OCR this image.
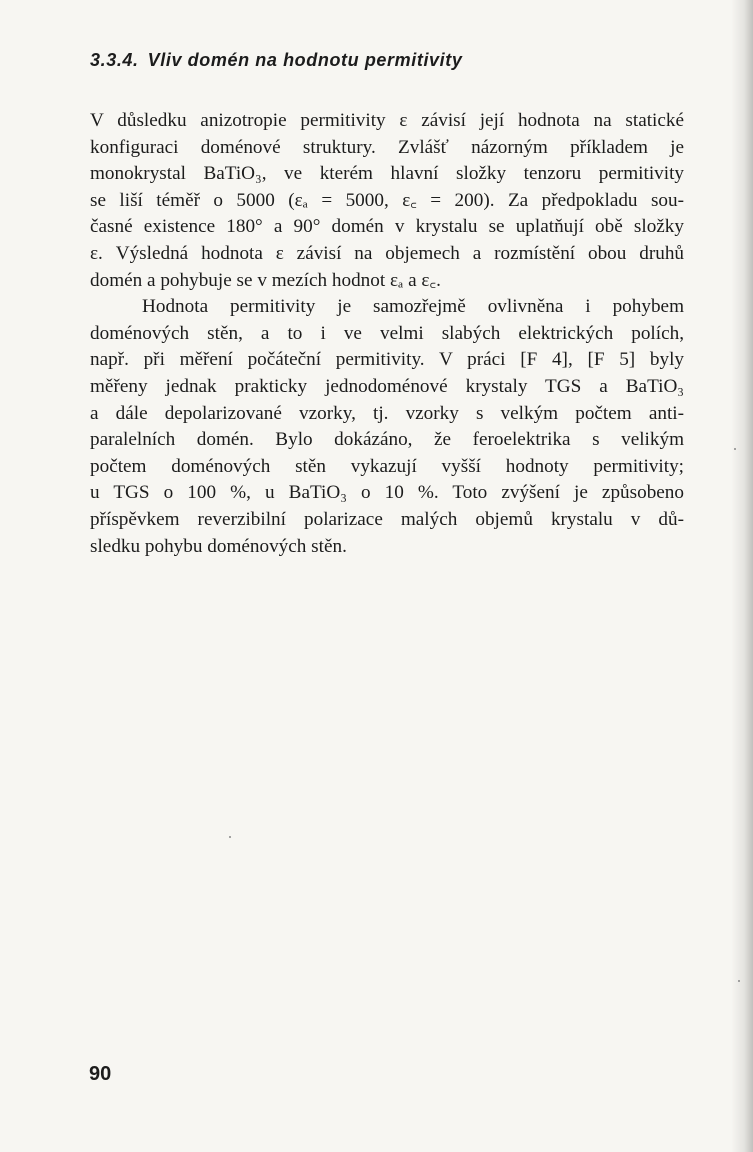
3.3.4. Vliv domén na hodnotu permitivity
V důsledku anizotropie permitivity ε závisí její hodnota na statické
konfiguraci doménové struktury. Zvlášť názorným příkladem je
monokrystal BaTiO₃, ve kterém hlavní složky tenzoru permitivity
se liší téměř o 5000 (εₐ = 5000, ε꜀ = 200). Za předpokladu sou-
časné existence 180° a 90° domén v krystalu se uplatňují obě složky
ε. Výsledná hodnota ε závisí na objemech a rozmístění obou druhů
domén a pohybuje se v mezích hodnot εₐ a ε꜀.
Hodnota permitivity je samozřejmě ovlivněna i pohybem
doménových stěn, a to i ve velmi slabých elektrických polích,
např. při měření počáteční permitivity. V práci [F 4], [F 5] byly
měřeny jednak prakticky jednodoménové krystaly TGS a BaTiO₃
a dále depolarizované vzorky, tj. vzorky s velkým počtem anti-
paralelních domén. Bylo dokázáno, že feroelektrika s velikým
počtem doménových stěn vykazují vyšší hodnoty permitivity;
u TGS o 100 %, u BaTiO₃ o 10 %. Toto zvýšení je způsobeno
příspěvkem reverzibilní polarizace malých objemů krystalu v dů-
sledku pohybu doménových stěn.
90
